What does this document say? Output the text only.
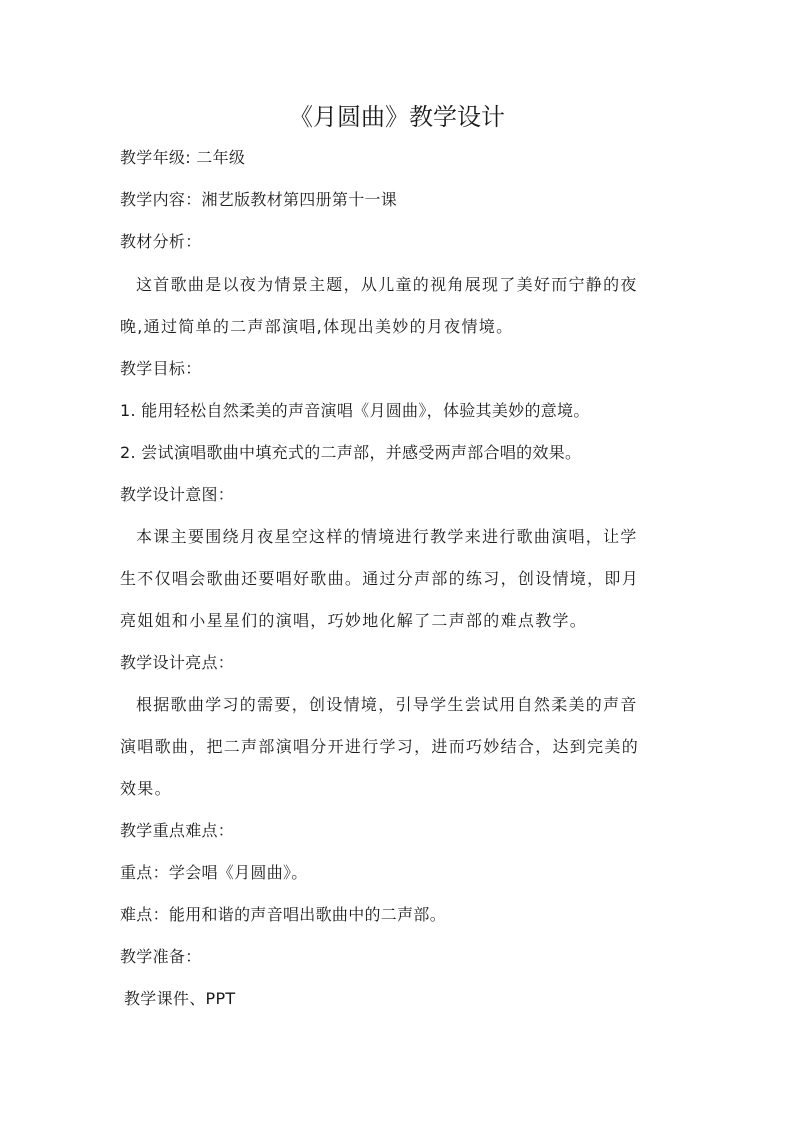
《月圆曲》教学设计
教学年级: 二年级
教学内容：湘艺版教材第四册第十一课
教材分析：
这首歌曲是以夜为情景主题，从儿童的视角展现了美好而宁静的夜
晚,通过简单的二声部演唱,体现出美妙的月夜情境。
教学目标：
1. 能用轻松自然柔美的声音演唱《月圆曲》，体验其美妙的意境。
2. 尝试演唱歌曲中填充式的二声部，并感受两声部合唱的效果。
教学设计意图：
本课主要围绕月夜星空这样的情境进行教学来进行歌曲演唱，让学
生不仅唱会歌曲还要唱好歌曲。通过分声部的练习，创设情境，即月
亮姐姐和小星星们的演唱，巧妙地化解了二声部的难点教学。
教学设计亮点：
根据歌曲学习的需要，创设情境，引导学生尝试用自然柔美的声音
演唱歌曲，把二声部演唱分开进行学习，进而巧妙结合，达到完美的
效果。
教学重点难点：
重点：学会唱《月圆曲》。
难点：能用和谐的声音唱出歌曲中的二声部。
教学准备：
教学课件、PPT
